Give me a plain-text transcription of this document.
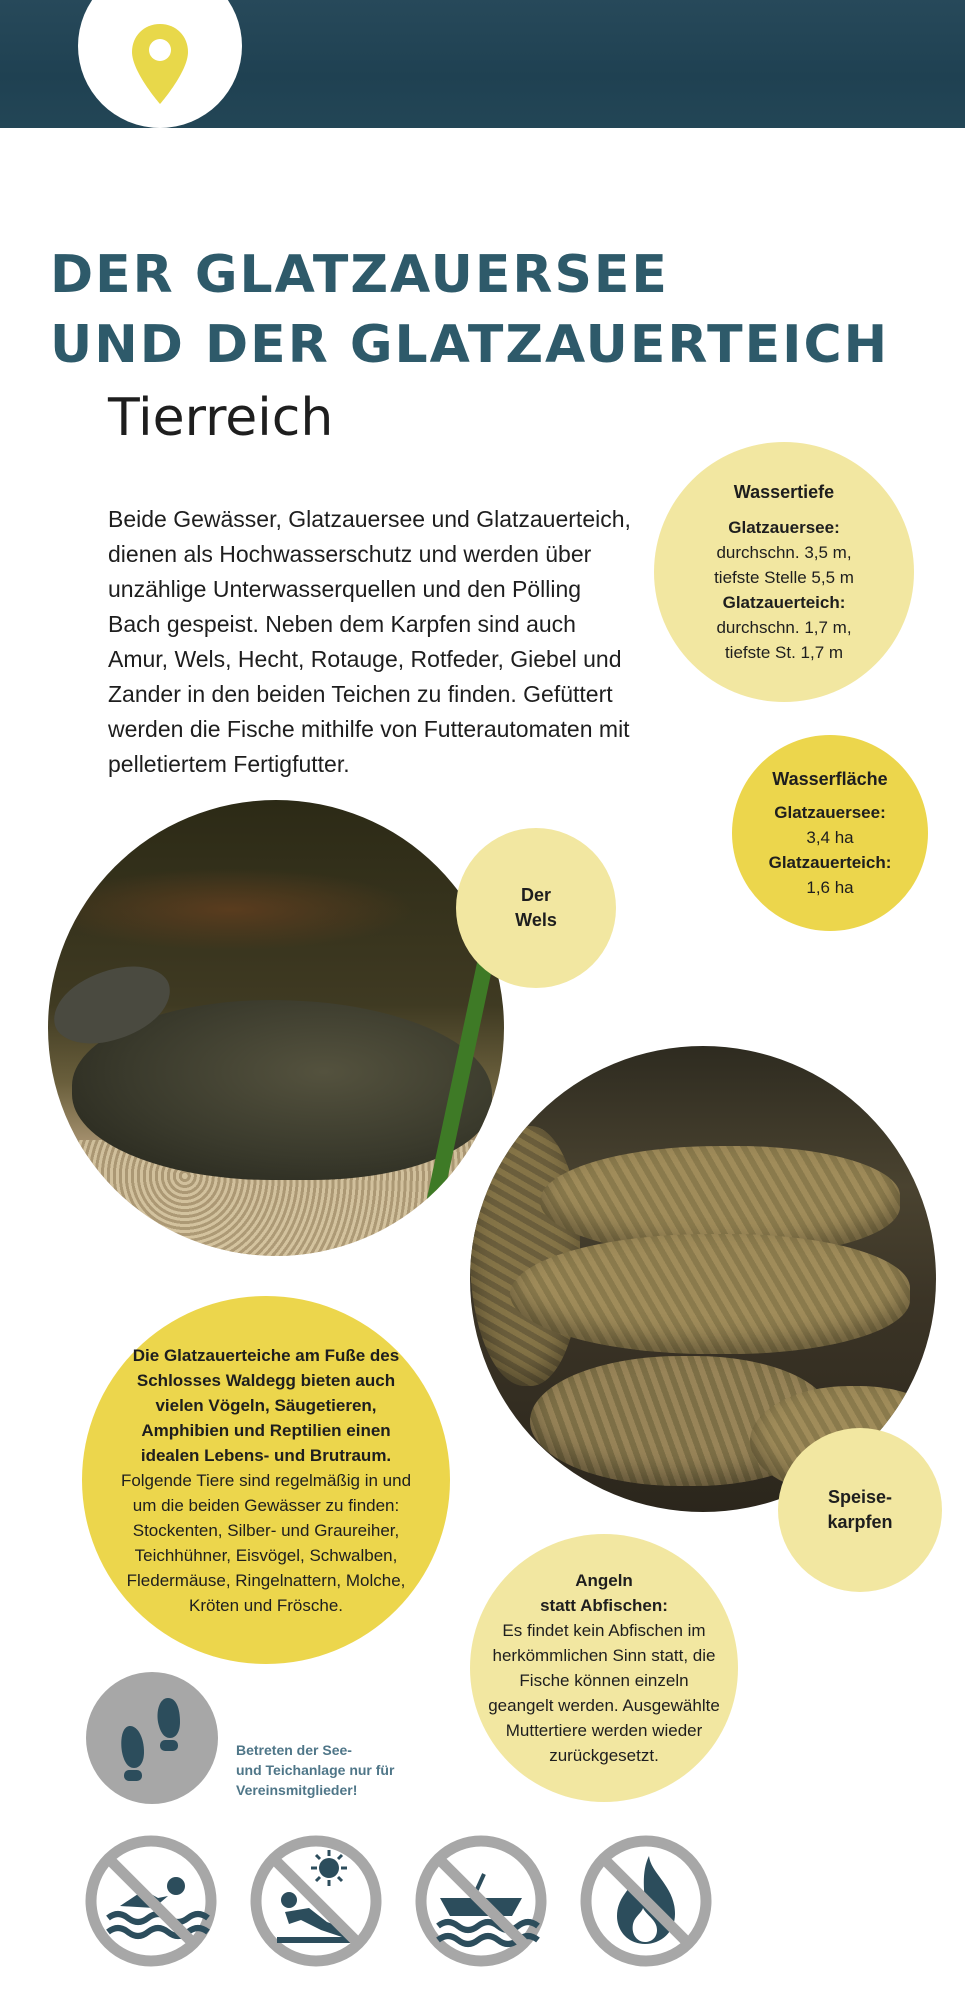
DER GLATZAUERSEE
UND DER GLATZAUERTEICH
Tierreich

Beide Gewässer, Glatzauersee und Glatzauerteich, dienen als Hochwasserschutz und werden über unzählige Unterwasserquellen und den Pölling Bach gespeist. Neben dem Karpfen sind auch Amur, Wels, Hecht, Rotauge, Rotfeder, Giebel und Zander in den beiden Teichen zu finden. Gefüttert werden die Fische mithilfe von Futterautomaten mit pelletiertem Fertigfutter.

Wassertiefe
Glatzauersee:
durchschn. 3,5 m,
tiefste Stelle 5,5 m
Glatzauerteich:
durchschn. 1,7 m,
tiefste St. 1,7 m
Wasserfläche
Glatzauersee:
3,4 ha
Glatzauerteich:
1,6 ha
Der
Wels
Speise-
karpfen
Die Glatzauerteiche am Fuße des Schlosses Waldegg bieten auch vielen Vögeln, Säugetieren, Amphibien und Reptilien einen idealen Lebens- und Brutraum. Folgende Tiere sind regelmäßig in und um die beiden Gewässer zu finden: Stockenten, Silber- und Graureiher, Teichhühner, Eisvögel, Schwalben, Fledermäuse, Ringelnattern, Molche, Kröten und Frösche.
Angeln
statt Abfischen:
Es findet kein Abfischen im herkömmlichen Sinn statt, die Fische können einzeln geangelt werden. Ausgewählte Muttertiere werden wieder zurückgesetzt.

Betreten der See-
und Teichanlage nur für
Vereinsmitglieder!
